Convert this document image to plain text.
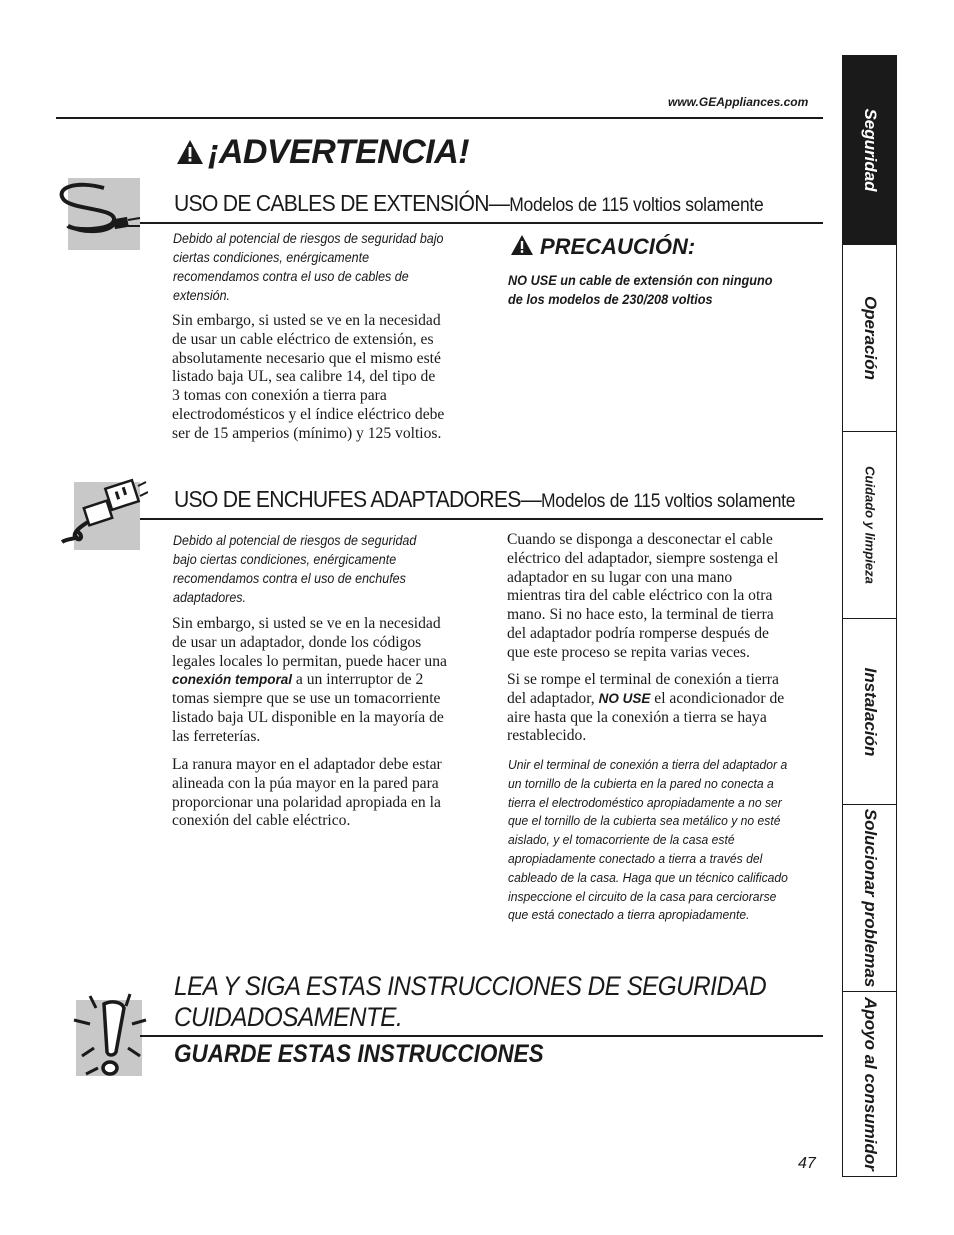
www.GEAppliances.com
¡ADVERTENCIA!
USO DE CABLES DE EXTENSIÓN—Modelos de 115 voltios solamente

Debido al potencial de riesgos de seguridad bajo

ciertas condiciones, enérgicamente

recomendamos contra el uso de cables de

extensión.

Sin embargo, si usted se ve en la necesidad

de usar un cable eléctrico de extensión, es

absolutamente necesario que el mismo esté

listado baja UL, sea calibre 14, del tipo de

3 tomas con conexión a tierra para

electrodomésticos y el índice eléctrico debe

ser de 15 amperios (mínimo) y 125 voltios.

PRECAUCIÓN:

NO USE un cable de extensión con ninguno

de los modelos de 230/208 voltios

USO DE ENCHUFES ADAPTADORES—Modelos de 115 voltios solamente

Debido al potencial de riesgos de seguridad

bajo ciertas condiciones, enérgicamente

recomendamos contra el uso de enchufes

adaptadores.

Sin embargo, si usted se ve en la necesidad

de usar un adaptador, donde los códigos

legales locales lo permitan, puede hacer una

conexión temporal a un interruptor de 2

tomas siempre que se use un tomacorriente

listado baja UL disponible en la mayoría de

las ferreterías.

La ranura mayor en el adaptador debe estar

alineada con la púa mayor en la pared para

proporcionar una polaridad apropiada en la

conexión del cable eléctrico.

Cuando se disponga a desconectar el cable

eléctrico del adaptador, siempre sostenga el

adaptador en su lugar con una mano

mientras tira del cable eléctrico con la otra

mano. Si no hace esto, la terminal de tierra

del adaptador podría romperse después de

que este proceso se repita varias veces.

Si se rompe el terminal de conexión a tierra

del adaptador, NO USE el acondicionador de

aire hasta que la conexión a tierra se haya

restablecido.

Unir el terminal de conexión a tierra del adaptador a

un tornillo de la cubierta en la pared no conecta a

tierra el electrodoméstico apropiadamente a no ser

que el tornillo de la cubierta sea metálico y no esté

aislado, y el tomacorriente de la casa esté

apropiadamente conectado a tierra a través del

cableado de la casa. Haga que un técnico calificado

inspeccione el circuito de la casa para cerciorarse

que está conectado a tierra apropiadamente.

LEA Y SIGA ESTAS INSTRUCCIONES DE SEGURIDAD
CUIDADOSAMENTE.
GUARDE ESTAS INSTRUCCIONES
47
Seguridad
Operación
Cuidado y limpieza
Instalación
Solucionar problemas
Apoyo al consumidor
